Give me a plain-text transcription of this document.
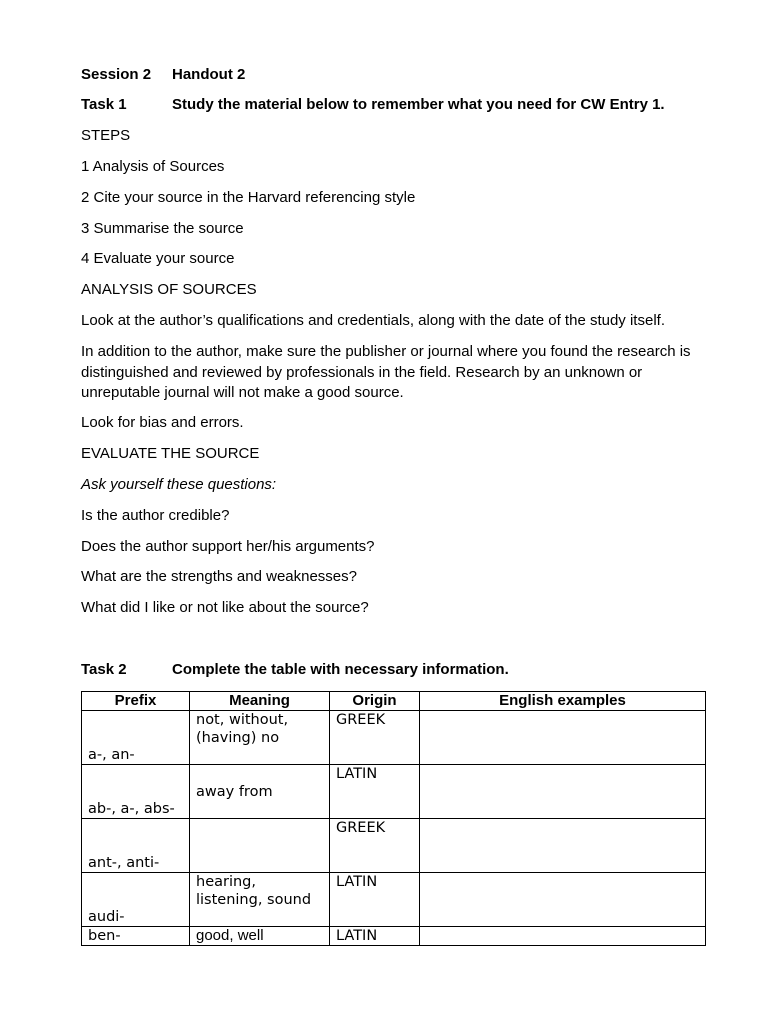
Session 2 Handout 2
Task 1	Study the material below to remember what you need for CW Entry 1.
STEPS
1 Analysis of Sources
2 Cite your source in the Harvard referencing style
3 Summarise the source
4 Evaluate your source
ANALYSIS OF SOURCES
Look at the author’s qualifications and credentials, along with the date of the study itself.
In addition to the author, make sure the publisher or journal where you found the research is distinguished and reviewed by professionals in the field. Research by an unknown or unreputable journal will not make a good source.
Look for bias and errors.
EVALUATE THE SOURCE
Ask yourself these questions:
Is the author credible?
Does the author support her/his arguments?
What are the strengths and weaknesses?
What did I like or not like about the source?
Task 2	Complete the table with necessary information.
Prefix	Meaning	Origin	English examples
a-, an-	not, without, (having) no	GREEK	
ab-, a-, abs-	away from	LATIN	
ant-, anti-		GREEK	
audi-	hearing, listening, sound	LATIN	
ben-	good, well	LATIN	
